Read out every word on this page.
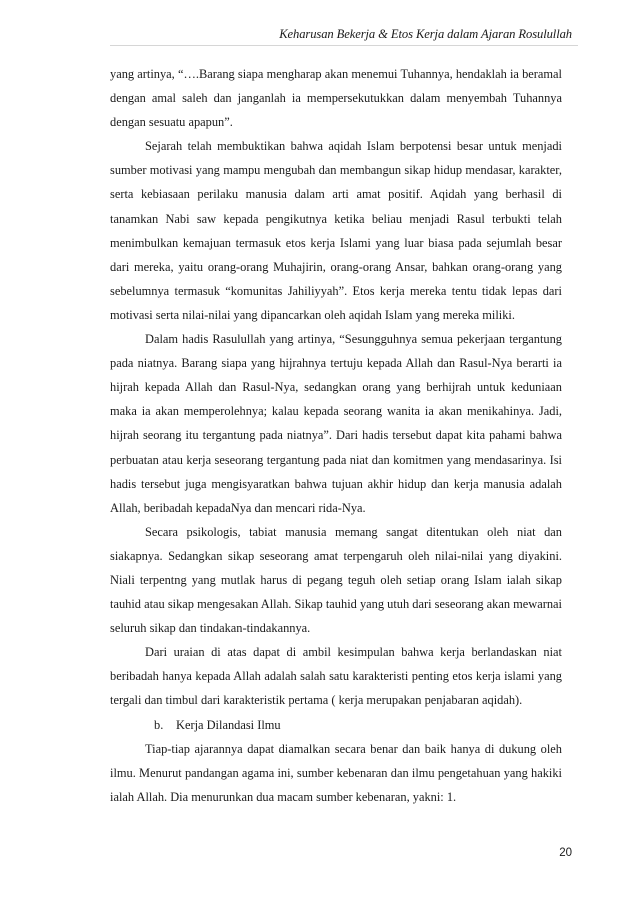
Keharusan Bekerja & Etos Kerja dalam Ajaran Rosulullah

yang artinya, “….Barang siapa mengharap akan menemui Tuhannya, hendaklah ia beramal dengan amal saleh dan janganlah ia mempersekutukkan dalam menyembah Tuhannya dengan sesuatu apapun”.

Sejarah telah membuktikan bahwa aqidah Islam berpotensi besar untuk menjadi sumber motivasi yang mampu mengubah dan membangun sikap hidup mendasar, karakter, serta kebiasaan perilaku manusia dalam arti amat positif. Aqidah yang berhasil di tanamkan Nabi saw kepada pengikutnya ketika beliau menjadi Rasul terbukti telah menimbulkan kemajuan termasuk etos kerja Islami yang luar biasa pada sejumlah besar dari mereka, yaitu orang-orang Muhajirin, orang-orang Ansar, bahkan orang-orang yang sebelumnya termasuk “komunitas Jahiliyyah”. Etos kerja mereka tentu tidak lepas dari motivasi serta nilai-nilai yang dipancarkan oleh aqidah Islam yang mereka miliki.

Dalam hadis Rasulullah yang artinya, “Sesungguhnya semua pekerjaan tergantung pada niatnya. Barang siapa yang hijrahnya tertuju kepada Allah dan Rasul-Nya berarti ia hijrah kepada Allah dan Rasul-Nya, sedangkan orang yang berhijrah untuk keduniaan maka ia akan memperolehnya; kalau kepada seorang wanita ia akan menikahinya. Jadi, hijrah seorang itu tergantung pada niatnya”. Dari hadis tersebut dapat kita pahami bahwa perbuatan atau kerja seseorang tergantung pada niat dan komitmen yang mendasarinya. Isi hadis tersebut juga mengisyaratkan bahwa tujuan akhir hidup dan kerja manusia adalah Allah, beribadah kepadaNya dan mencari rida-Nya.

Secara psikologis, tabiat manusia memang sangat ditentukan oleh niat dan siakapnya. Sedangkan sikap seseorang amat terpengaruh oleh nilai-nilai yang diyakini. Niali terpentng yang mutlak harus di pegang teguh oleh setiap orang Islam ialah sikap tauhid atau sikap mengesakan Allah. Sikap tauhid yang utuh dari seseorang akan mewarnai seluruh sikap dan tindakan-tindakannya.

Dari uraian di atas dapat di ambil kesimpulan bahwa kerja berlandaskan niat beribadah hanya kepada Allah adalah salah satu karakteristi penting etos kerja islami yang tergali dan timbul dari karakteristik pertama ( kerja merupakan penjabaran aqidah).

b. Kerja Dilandasi Ilmu

Tiap-tiap ajarannya dapat diamalkan secara benar dan baik hanya di dukung oleh ilmu. Menurut pandangan agama ini, sumber kebenaran dan ilmu pengetahuan yang hakiki ialah Allah. Dia menurunkan dua macam sumber kebenaran, yakni: 1.

20
